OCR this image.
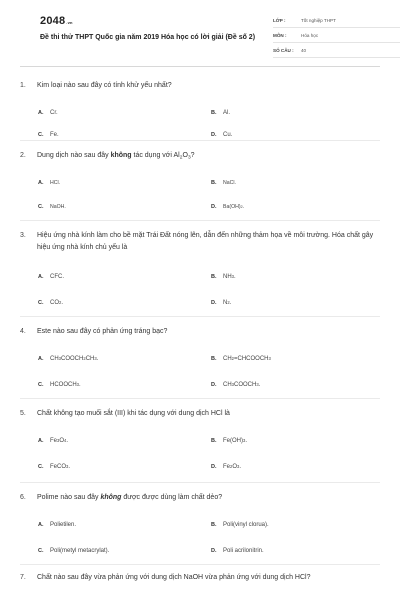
2048.vn
Đề thi thử THPT Quốc gia năm 2019 Hóa học có lời giải (Đề số 2)
LỚP :	Tốt nghiệp THPT
MÔN :	Hóa học
SỐ CÂU :	40
1.	Kim loại nào sau đây có tính khử yếu nhất?
A.	Cr.	B.	Al.
C.	Fe.	D.	Cu.
2.	Dung dịch nào sau đây không tác dụng với $Al_2O_3$?
A.	HCl.	B.	NaCl.
C.	NaOH.	D.	Ba(OH) 2 .
3.	Hiệu ứng nhà kính làm cho bề mặt Trái Đất nóng lên, dẫn đến những thảm họa về môi trường. Hóa chất gây hiệu ứng nhà kính chủ yếu là
A.	CFC.	B.	NH 3 .
C.	CO 2 .	D.	N 2 .
4.	Este nào sau đây có phản ứng tráng bạc?
A.	CH 3 COOCH 2 CH 3 .	B.	CH 2 =CHCOOCH 3
C.	HCOOCH 3 .	D.	CH 3 COOCH 3 .
5.	Chất không tạo muối sắt (III) khi tác dụng với dung dịch HCl là
A.	Fe 3 O 4 .	B.	Fe(OH) 3 .
C.	FeCO 3 .	D.	Fe 2 O 3 .
6.	Polime nào sau đây không được được dùng làm chất dẻo?
A.	Polietilen.	B.	Poli(vinyl clorua).
C.	Poli(metyl metacrylat).	D.	Poli acrilonitrin.
7.	Chất nào sau đây vừa phản ứng với dung dịch NaOH vừa phản ứng với dung dịch HCl?
